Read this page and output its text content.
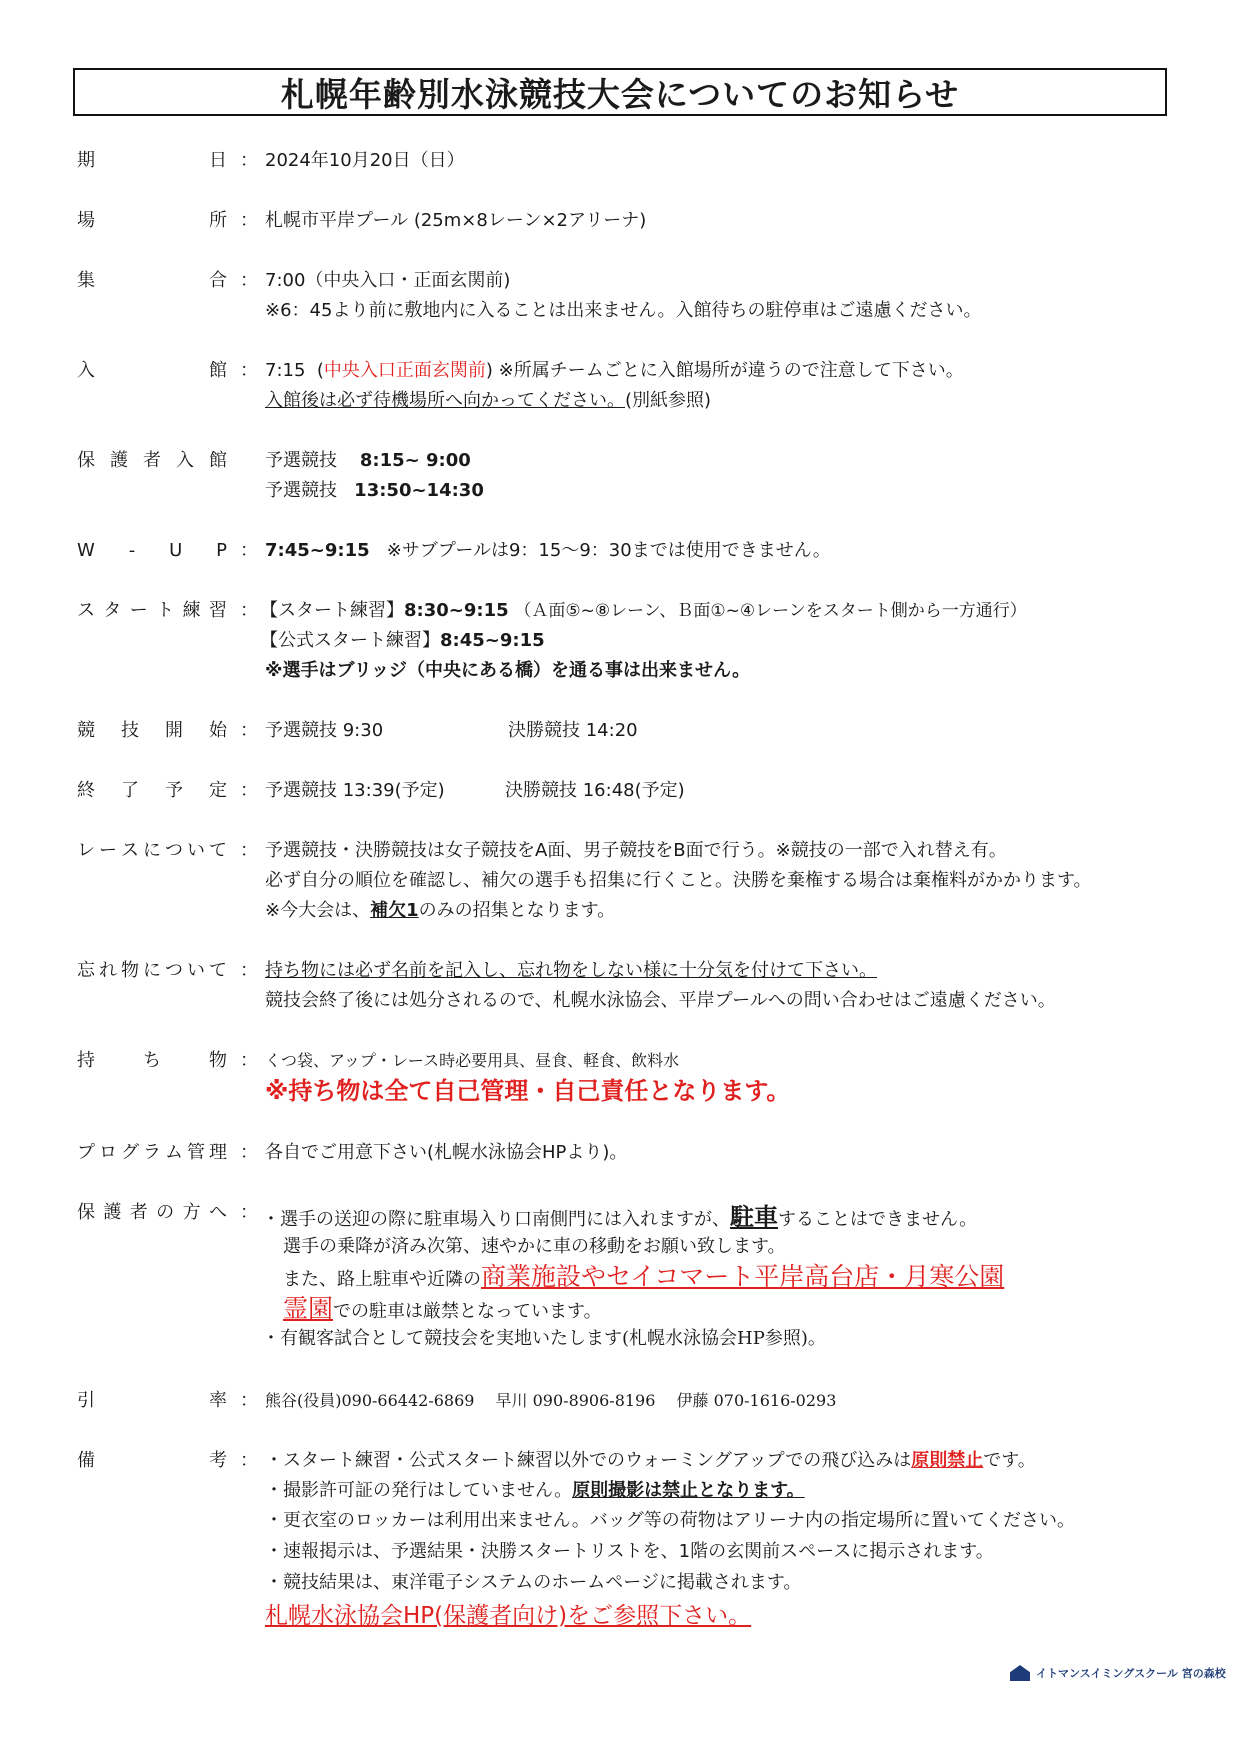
札幌年齢別水泳競技大会についてのお知らせ
期	日 ： 2024年10月20日（日）
場	所 ： 札幌市平岸プール (25m×8レーン×2アリーナ)
集	合 ： 7:00（中央入口・正面玄関前)
※6：45より前に敷地内に入ることは出来ません。入館待ちの駐停車はご遠慮ください。
入	館 ： 7:15 (中央入口正面玄関前) ※所属チームごとに入館場所が違うので注意して下さい。
入館後は必ず待機場所へ向かってください。(別紙参照)
保 護 者 入 館 予選競技 8:15~ 9:00
予選競技 13:50~14:30
W - U P ： 7:45~9:15 ※サブプールは9：15～9：30までは使用できません。
ス タ ー ト 練 習 ： 【スタート練習】8:30~9:15 （Ａ面⑤~⑧レーン、Ｂ面①~④レーンをスタート側から一方通行）
【公式スタート練習】8:45~9:15
※選手はブリッジ（中央にある橋）を通る事は出来ません。
競 技 開 始 ： 予選競技 9:30	決勝競技 14:20
終 了 予 定 ： 予選競技 13:39(予定)	決勝競技 16:48(予定)
レ ー ス に つ い て ： 予選競技・決勝競技は女子競技をA面、男子競技をB面で行う。※競技の一部で入れ替え有。
必ず自分の順位を確認し、補欠の選手も招集に行くこと。決勝を棄権する場合は棄権料がかかります。
※今大会は、補欠1のみの招集となります。
忘 れ 物 に つ い て ： 持ち物には必ず名前を記入し、忘れ物をしない様に十分気を付けて下さい。
競技会終了後には処分されるので、札幌水泳協会、平岸プールへの問い合わせはご遠慮ください。
持	ち	物 ： くつ袋、アップ・レース時必要用具、昼食、軽食、飲料水
※持ち物は全て自己管理・自己責任となります。
プ ロ グ ラ ム 管 理 ： 各自でご用意下さい(札幌水泳協会HPより)。
保 護 者 の 方 へ ： ・選手の送迎の際に駐車場入り口南側門には入れますが、駐車することはできません。
選手の乗降が済み次第、速やかに車の移動をお願い致します。
また、路上駐車や近隣の商業施設やセイコマート平岸高台店・月寒公園
霊園での駐車は厳禁となっています。
・有観客試合として競技会を実地いたします(札幌水泳協会HP参照)。
引	率 ： 熊谷(役員)090-66442-6869　 早川 090-8906-8196　 伊藤 070-1616-0293
備	考 ： ・スタート練習・公式スタート練習以外でのウォーミングアップでの飛び込みは原則禁止です。
・撮影許可証の発行はしていません。原則撮影は禁止となります。
・更衣室のロッカーは利用出来ません。バッグ等の荷物はアリーナ内の指定場所に置いてください。
・速報掲示は、予選結果・決勝スタートリストを、1階の玄関前スペースに掲示されます。
・競技結果は、東洋電子システムのホームページに掲載されます。
札幌水泳協会HP(保護者向け)をご参照下さい。
イトマンスイミングスクール 宮の森校
